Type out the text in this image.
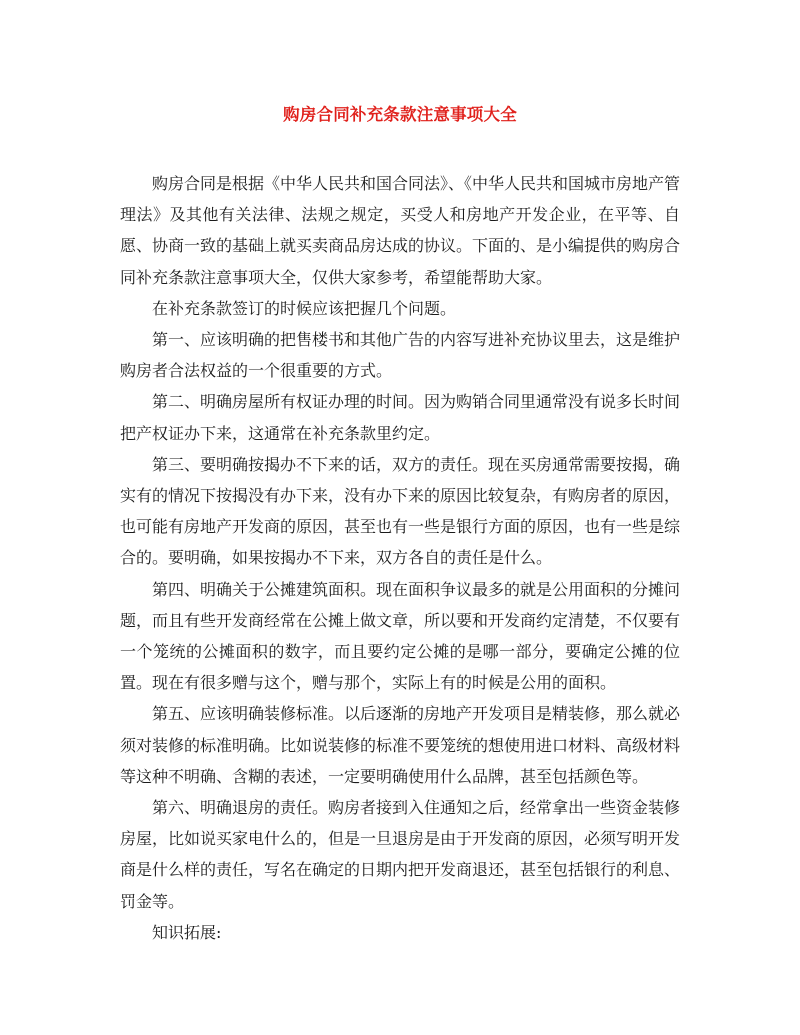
购房合同补充条款注意事项大全

购房合同是根据《中华人民共和国合同法》、《中华人民共和国城市房地产管理法》及其他有关法律、法规之规定，买受人和房地产开发企业，在平等、自愿、协商一致的基础上就买卖商品房达成的协议。下面的、是小编提供的购房合同补充条款注意事项大全，仅供大家参考，希望能帮助大家。

在补充条款签订的时候应该把握几个问题。

第一、应该明确的把售楼书和其他广告的内容写进补充协议里去，这是维护购房者合法权益的一个很重要的方式。

第二、明确房屋所有权证办理的时间。因为购销合同里通常没有说多长时间把产权证办下来，这通常在补充条款里约定。

第三、要明确按揭办不下来的话，双方的责任。现在买房通常需要按揭，确实有的情况下按揭没有办下来，没有办下来的原因比较复杂，有购房者的原因，也可能有房地产开发商的原因，甚至也有一些是银行方面的原因，也有一些是综合的。要明确，如果按揭办不下来，双方各自的责任是什么。

第四、明确关于公摊建筑面积。现在面积争议最多的就是公用面积的分摊问题，而且有些开发商经常在公摊上做文章，所以要和开发商约定清楚，不仅要有一个笼统的公摊面积的数字，而且要约定公摊的是哪一部分，要确定公摊的位置。现在有很多赠与这个，赠与那个，实际上有的时候是公用的面积。

第五、应该明确装修标准。以后逐渐的房地产开发项目是精装修，那么就必须对装修的标准明确。比如说装修的标准不要笼统的想使用进口材料、高级材料等这种不明确、含糊的表述，一定要明确使用什么品牌，甚至包括颜色等。

第六、明确退房的责任。购房者接到入住通知之后，经常拿出一些资金装修房屋，比如说买家电什么的，但是一旦退房是由于开发商的原因，必须写明开发商是什么样的责任，写名在确定的日期内把开发商退还，甚至包括银行的利息、罚金等。

知识拓展:
